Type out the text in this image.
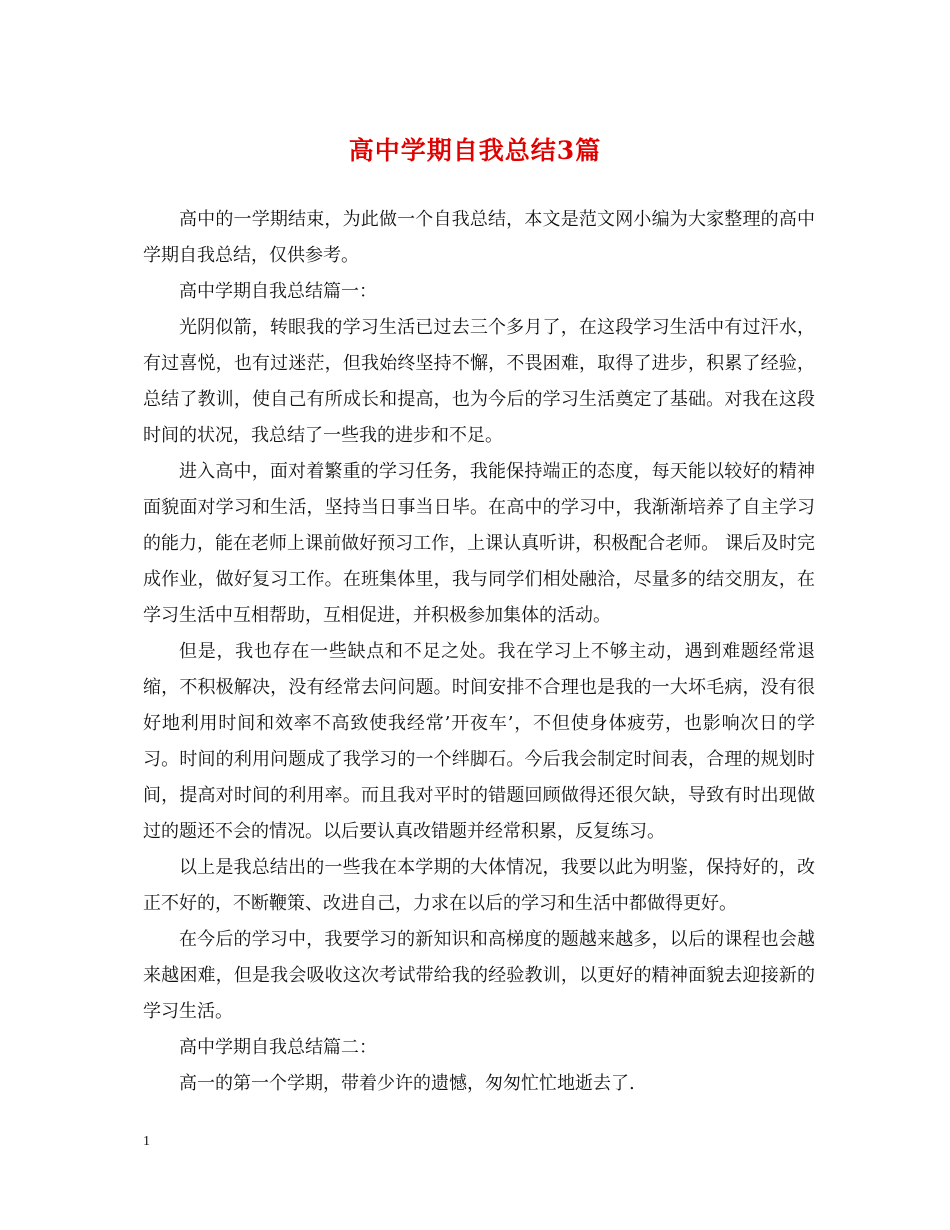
高中学期自我总结3篇

高中的一学期结束，为此做一个自我总结，本文是范文网小编为大家整理的高中学期自我总结，仅供参考。

高中学期自我总结篇一：

光阴似箭，转眼我的学习生活已过去三个多月了，在这段学习生活中有过汗水，有过喜悦，也有过迷茫，但我始终坚持不懈，不畏困难，取得了进步，积累了经验，总结了教训，使自己有所成长和提高，也为今后的学习生活奠定了基础。对我在这段时间的状况，我总结了一些我的进步和不足。

进入高中，面对着繁重的学习任务，我能保持端正的态度，每天能以较好的精神面貌面对学习和生活，坚持当日事当日毕。在高中的学习中，我渐渐培养了自主学习的能力，能在老师上课前做好预习工作，上课认真听讲，积极配合老师。 课后及时完成作业，做好复习工作。在班集体里，我与同学们相处融洽，尽量多的结交朋友，在学习生活中互相帮助，互相促进，并积极参加集体的活动。

但是，我也存在一些缺点和不足之处。我在学习上不够主动，遇到难题经常退缩，不积极解决，没有经常去问问题。时间安排不合理也是我的一大坏毛病，没有很好地利用时间和效率不高致使我经常’开夜车’，不但使身体疲劳，也影响次日的学习。时间的利用问题成了我学习的一个绊脚石。今后我会制定时间表，合理的规划时间，提高对时间的利用率。而且我对平时的错题回顾做得还很欠缺，导致有时出现做过的题还不会的情况。以后要认真改错题并经常积累，反复练习。

以上是我总结出的一些我在本学期的大体情况，我要以此为明鉴，保持好的，改正不好的，不断鞭策、改进自己，力求在以后的学习和生活中都做得更好。

在今后的学习中，我要学习的新知识和高梯度的题越来越多，以后的课程也会越来越困难，但是我会吸收这次考试带给我的经验教训，以更好的精神面貌去迎接新的学习生活。

高中学期自我总结篇二：

高一的第一个学期，带着少许的遗憾，匆匆忙忙地逝去了.

1
